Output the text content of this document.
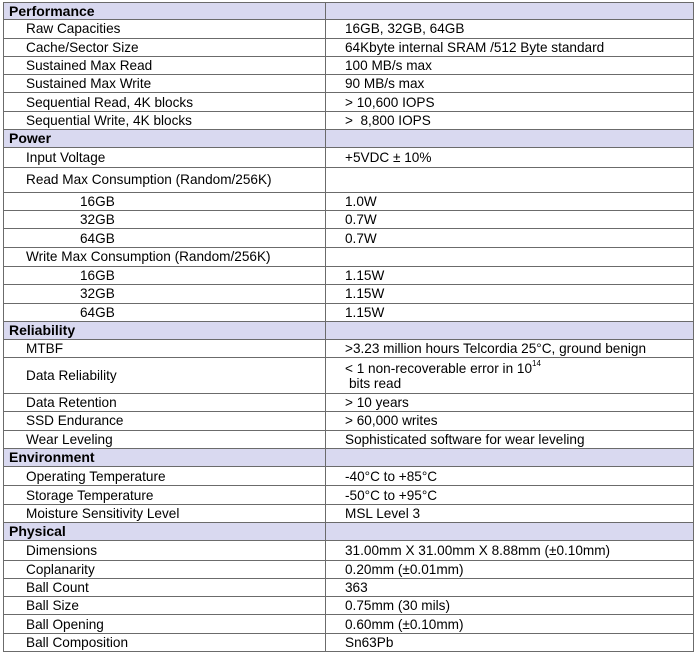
Performance	
Raw Capacities	16GB, 32GB, 64GB
Cache/Sector Size	64Kbyte internal SRAM /512 Byte standard
Sustained Max Read	100 MB/s max
Sustained Max Write	90 MB/s max
Sequential Read, 4K blocks	> 10,600 IOPS
Sequential Write, 4K blocks	>  8,800 IOPS
Power	
Input Voltage	+5VDC ± 10%
Read Max Consumption (Random/256K)	
16GB	1.0W
32GB	0.7W
64GB	0.7W
Write Max Consumption (Random/256K)	
16GB	1.15W
32GB	1.15W
64GB	1.15W
Reliability	
MTBF	>3.23 million hours Telcordia 25°C, ground benign
Data Reliability	< 1 non-recoverable error in $10^{14}$
bits read
Data Retention	> 10 years
SSD Endurance	> 60,000 writes
Wear Leveling	Sophisticated software for wear leveling
Environment	
Operating Temperature	-40°C to +85°C
Storage Temperature	-50°C to +95°C
Moisture Sensitivity Level	MSL Level 3
Physical	
Dimensions	31.00mm X 31.00mm X 8.88mm (±0.10mm)
Coplanarity	0.20mm (±0.01mm)
Ball Count	363
Ball Size	0.75mm (30 mils)
Ball Opening	0.60mm (±0.10mm)
Ball Composition	Sn63Pb
